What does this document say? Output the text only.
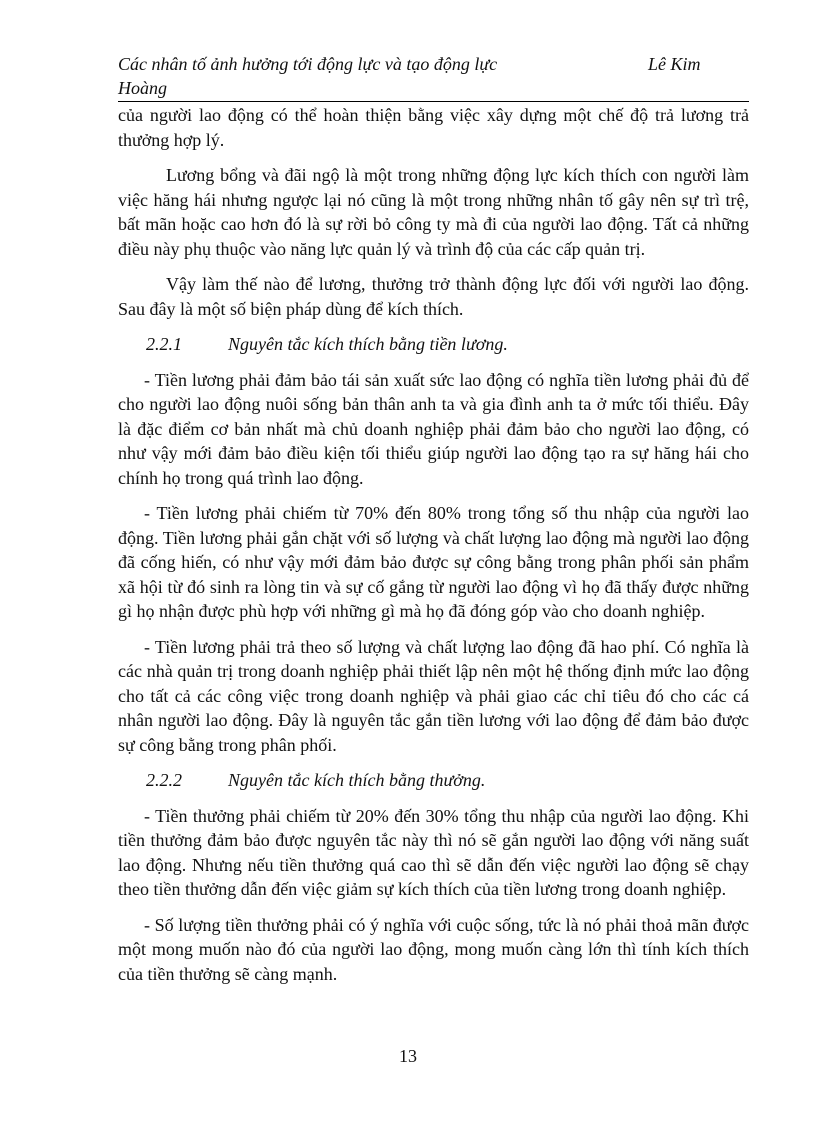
Các nhân tố ảnh hưởng tới động lực và tạo động lực	Lê Kim
Hoàng

của người lao động có thể hoàn thiện bằng việc xây dựng một chế độ trả lương trả thưởng hợp lý.

Lương bổng và đãi ngộ là một trong những động lực kích thích con người làm việc hăng hái nhưng ngược lại nó cũng là một trong những nhân tố gây nên sự trì trệ, bất mãn hoặc cao hơn đó là sự rời bỏ công ty mà đi của người lao động. Tất cả những điều này phụ thuộc vào năng lực quản lý và trình độ của các cấp quản trị.

Vậy làm thế nào để lương, thưởng trở thành động lực đối với người lao động. Sau đây là một số biện pháp dùng để kích thích.

2.2.1	Nguyên tắc kích thích bằng tiền lương.

- Tiền lương phải đảm bảo tái sản xuất sức lao động có nghĩa tiền lương phải đủ để cho người lao động nuôi sống bản thân anh ta và gia đình anh ta ở mức tối thiểu. Đây là đặc điểm cơ bản nhất mà chủ doanh nghiệp phải đảm bảo cho người lao động, có như vậy mới đảm bảo điều kiện tối thiểu giúp người lao động tạo ra sự hăng hái cho chính họ trong quá trình lao động.

- Tiền lương phải chiếm từ 70% đến 80% trong tổng số thu nhập của người lao động. Tiền lương phải gắn chặt với số lượng và chất lượng lao động mà người lao động đã cống hiến, có như vậy mới đảm bảo được sự công bằng trong phân phối sản phẩm xã hội từ đó sinh ra lòng tin và sự cố gắng từ người lao động vì họ đã thấy được những gì họ nhận được phù hợp với những gì mà họ đã đóng góp vào cho doanh nghiệp.

- Tiền lương phải trả theo số lượng và chất lượng lao động đã hao phí. Có nghĩa là các nhà quản trị trong doanh nghiệp phải thiết lập nên một hệ thống định mức lao động cho tất cả các công việc trong doanh nghiệp và phải giao các chỉ tiêu đó cho các cá nhân người lao động. Đây là nguyên tắc gắn tiền lương với lao động để đảm bảo được sự công bằng trong phân phối.

2.2.2	Nguyên tắc kích thích bằng thưởng.

- Tiền thưởng phải chiếm từ 20% đến 30% tổng thu nhập của người lao động. Khi tiền thưởng đảm bảo được nguyên tắc này thì nó sẽ gắn người lao động với năng suất lao động. Nhưng nếu tiền thưởng quá cao thì sẽ dẫn đến việc người lao động sẽ chạy theo tiền thưởng dẫn đến việc giảm sự kích thích của tiền lương trong doanh nghiệp.

- Số lượng tiền thưởng phải có ý nghĩa với cuộc sống, tức là nó phải thoả mãn được một mong muốn nào đó của người lao động, mong muốn càng lớn thì tính kích thích của tiền thưởng sẽ càng mạnh.

13
